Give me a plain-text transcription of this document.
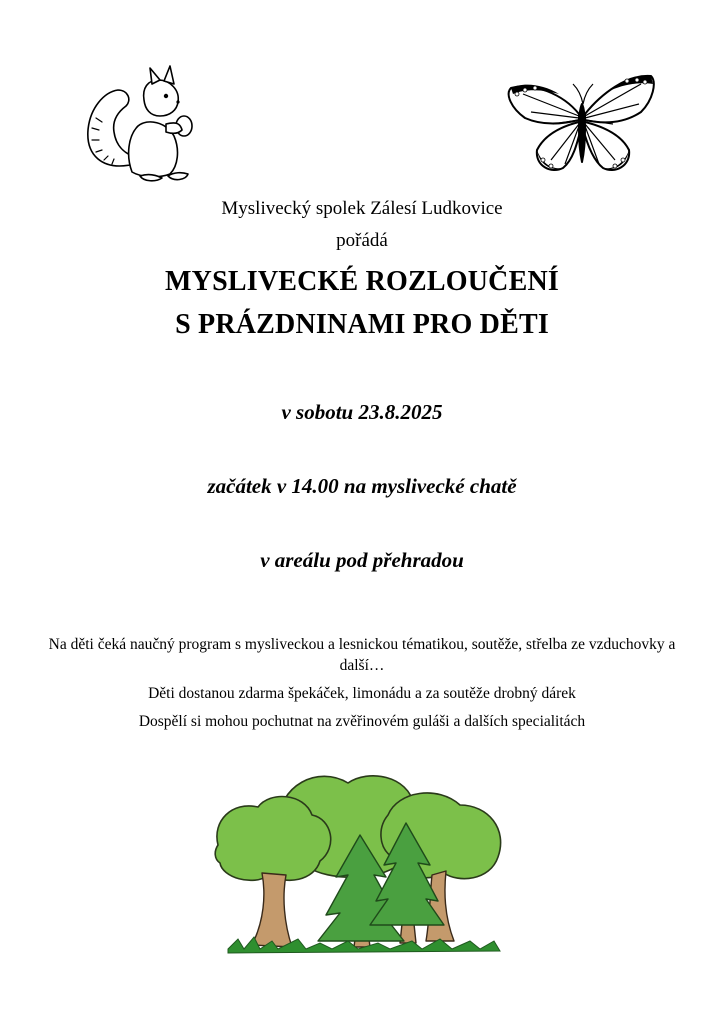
Myslivecký spolek Zálesí Ludkovice
pořádá
MYSLIVECKÉ ROZLOUČENÍ
S PRÁZDNINAMI PRO DĚTI
v sobotu 23.8.2025
začátek v 14.00 na myslivecké chatě
v areálu pod přehradou
Na děti čeká naučný program s mysliveckou a lesnickou tématikou, soutěže, střelba ze vzduchovky a další…
Děti dostanou zdarma špekáček, limonádu a za soutěže drobný dárek
Dospělí si mohou pochutnat na zvěřinovém guláši a dalších specialitách
